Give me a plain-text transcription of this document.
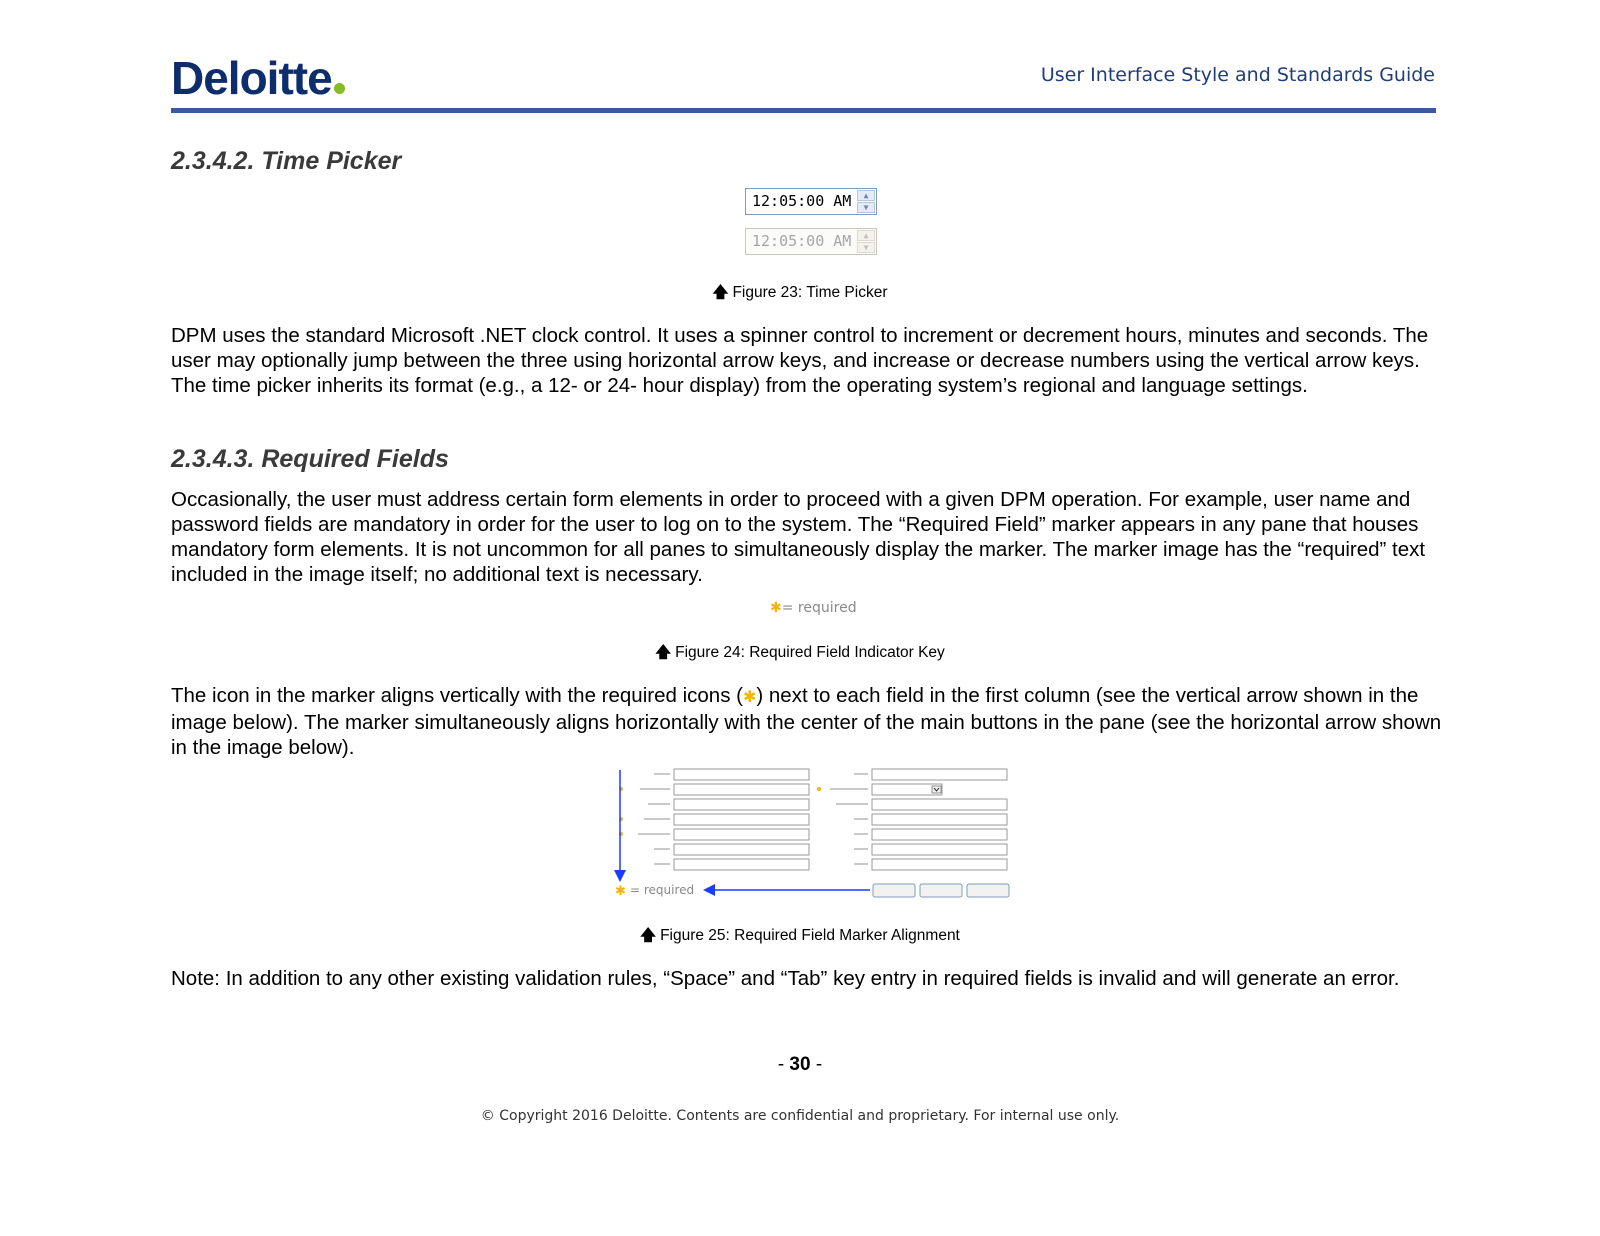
Deloitte	User Interface Style and Standards Guide
2.3.4.2. Time Picker
12:05:00 AM	▲
▼
12:05:00 AM	▲
▼
🡅 Figure 23: Time Picker

DPM uses the standard Microsoft .NET clock control. It uses a spinner control to increment or decrement hours, minutes and seconds. The user may optionally jump between the three using horizontal arrow keys, and increase or decrease numbers using the vertical arrow keys. The time picker inherits its format (e.g., a 12- or 24- hour display) from the operating system’s regional and language settings.

2.3.4.3. Required Fields

Occasionally, the user must address certain form elements in order to proceed with a given DPM operation. For example, user name and password fields are mandatory in order for the user to log on to the system. The “Required Field” marker appears in any pane that houses mandatory form elements. It is not uncommon for all panes to simultaneously display the marker. The marker image has the “required” text included in the image itself; no additional text is necessary.

✱= required
🡅 Figure 24: Required Field Indicator Key

The icon in the marker aligns vertically with the required icons (✱) next to each field in the first column (see the vertical arrow shown in the image below). The marker simultaneously aligns horizontally with the center of the main buttons in the pane (see the horizontal arrow shown in the image below).

✱ = required
🡅 Figure 25: Required Field Marker Alignment

Note: In addition to any other existing validation rules, “Space” and “Tab” key entry in required fields is invalid and will generate an error.

- 30 -
© Copyright 2016 Deloitte. Contents are confidential and proprietary. For internal use only.
